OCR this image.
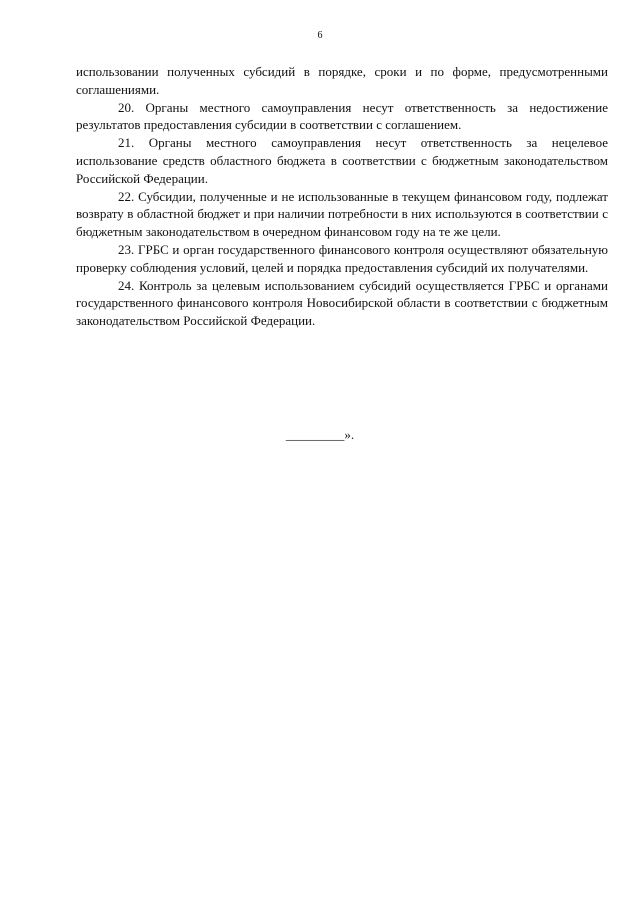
6

использовании полученных субсидий в порядке, сроки и по форме, предусмотренными соглашениями.

20. Органы местного самоуправления несут ответственность за недостижение результатов предоставления субсидии в соответствии с соглашением.

21. Органы местного самоуправления несут ответственность за нецелевое использование средств областного бюджета в соответствии с бюджетным законодательством Российской Федерации.

22. Субсидии, полученные и не использованные в текущем финансовом году, подлежат возврату в областной бюджет и при наличии потребности в них используются в соответствии с бюджетным законодательством в очередном финансовом году на те же цели.

23. ГРБС и орган государственного финансового контроля осуществляют обязательную проверку соблюдения условий, целей и порядка предоставления субсидий их получателями.

24. Контроль за целевым использованием субсидий осуществляется ГРБС и органами государственного финансового контроля Новосибирской области в соответствии с бюджетным законодательством Российской Федерации.

_________».
